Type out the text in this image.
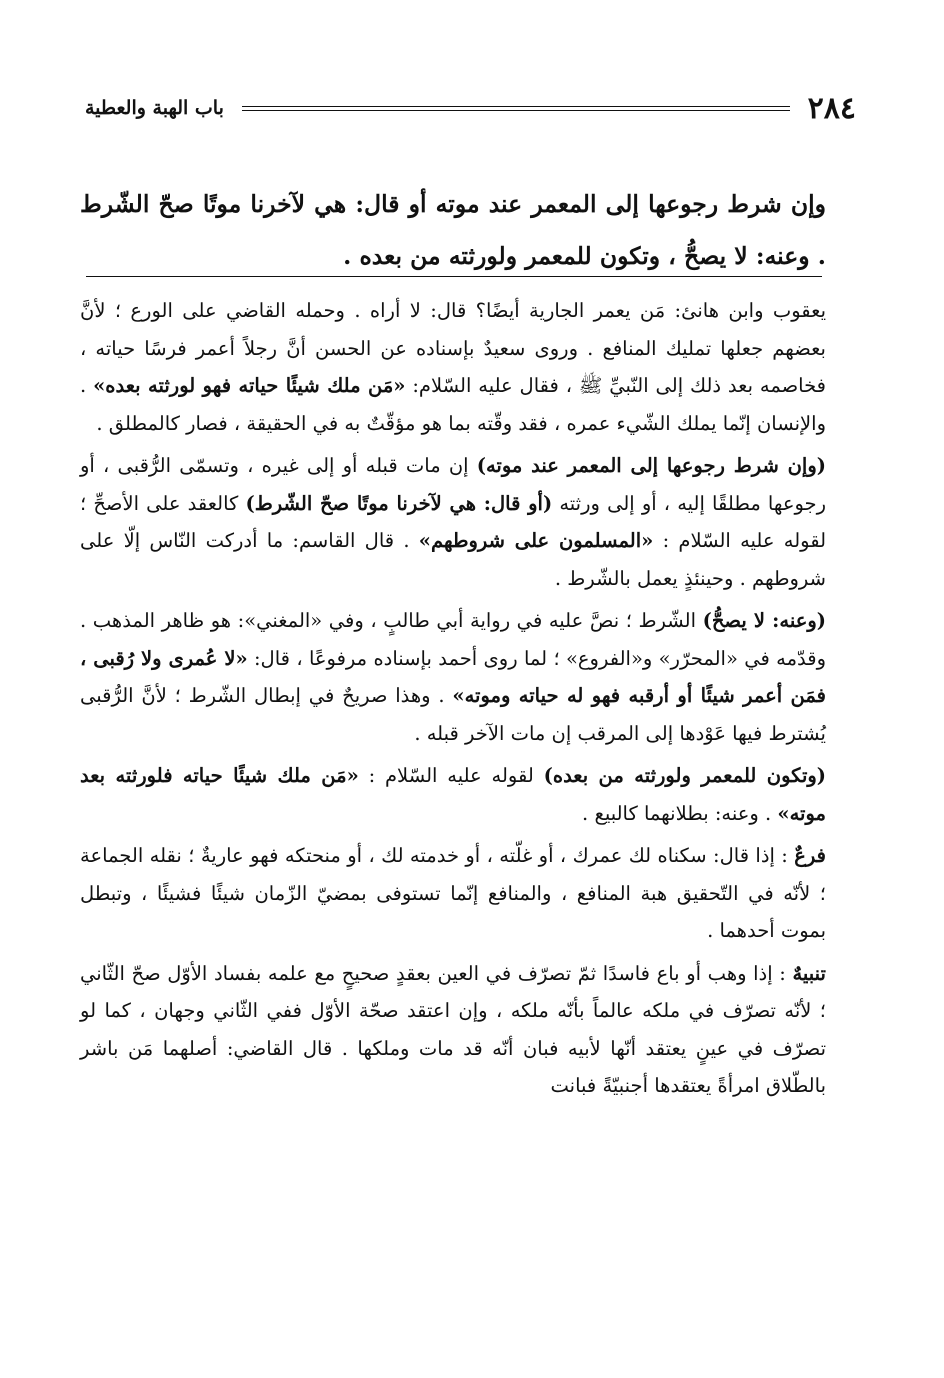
٢٨٤
باب الهبة والعطية
وإن شرط رجوعها إلى المعمر عند موته أو قال: هي لآخرنا موتًا صحّ الشّرط . وعنه: لا يصحُّ ، وتكون للمعمر ولورثته من بعده .

يعقوب وابن هانئ: مَن يعمر الجارية أيضًا؟ قال: لا أراه . وحمله القاضي على الورع ؛ لأنَّ بعضهم جعلها تمليك المنافع . وروى سعيدٌ بإسناده عن الحسن أنَّ رجلاً أعمر فرسًا حياته ، فخاصمه بعد ذلك إلى النّبيِّ ﷺ ، فقال عليه السّلام: «مَن ملك شيئًا حياته فهو لورثته بعده» . والإنسان إنّما يملك الشّيء عمره ، فقد وقّته بما هو مؤقّتٌ به في الحقيقة ، فصار كالمطلق .

(وإن شرط رجوعها إلى المعمر عند موته) إن مات قبله أو إلى غيره ، وتسمّى الرُّقبى ، أو رجوعها مطلقًا إليه ، أو إلى ورثته (أو قال: هي لآخرنا موتًا صحّ الشّرط) كالعقد على الأصحِّ ؛ لقوله عليه السّلام : «المسلمون على شروطهم» . قال القاسم: ما أدركت النّاس إلّا على شروطهم . وحينئذٍ يعمل بالشّرط .

(وعنه: لا يصحُّ) الشّرط ؛ نصَّ عليه في رواية أبي طالبٍ ، وفي «المغني»: هو ظاهر المذهب . وقدّمه في «المحرّر» و«الفروع» ؛ لما روى أحمد بإسناده مرفوعًا ، قال: «لا عُمرى ولا رُقبى ، فمَن أعمر شيئًا أو أرقبه فهو له حياته وموته» . وهذا صريحٌ في إبطال الشّرط ؛ لأنَّ الرُّقبى يُشترط فيها عَوْدها إلى المرقب إن مات الآخر قبله .

(وتكون للمعمر ولورثته من بعده) لقوله عليه السّلام : «مَن ملك شيئًا حياته فلورثته بعد موته» . وعنه: بطلانهما كالبيع .

فرعٌ : إذا قال: سكناه لك عمرك ، أو غلّته ، أو خدمته لك ، أو منحتكه فهو عاريةٌ ؛ نقله الجماعة ؛ لأنّه في التّحقيق هبة المنافع ، والمنافع إنّما تستوفى بمضيّ الزّمان شيئًا فشيئًا ، وتبطل بموت أحدهما .

تنبيهٌ : إذا وهب أو باع فاسدًا ثمّ تصرّف في العين بعقدٍ صحيحٍ مع علمه بفساد الأوّل صحّ الثّاني ؛ لأنّه تصرّف في ملكه عالماً بأنّه ملكه ، وإن اعتقد صحّة الأوّل ففي الثّاني وجهان ، كما لو تصرّف في عينٍ يعتقد أنّها لأبيه فبان أنّه قد مات وملكها . قال القاضي: أصلهما مَن باشر بالطّلاق امرأةً يعتقدها أجنبيّةً فبانت
